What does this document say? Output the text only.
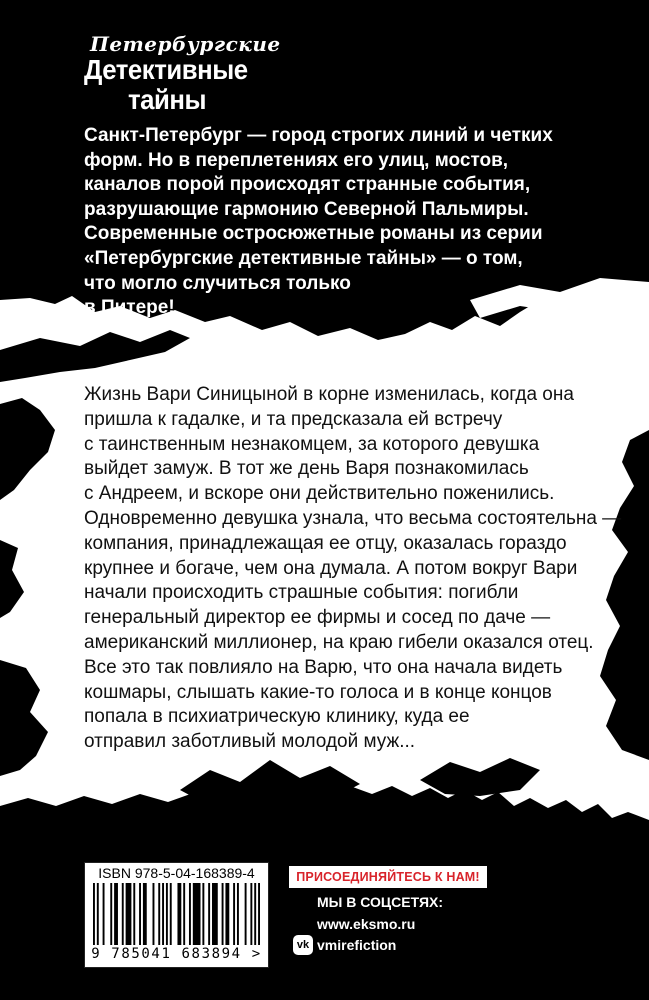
Петербургские
Детективные
тайны
Санкт-Петербург — город строгих линий и четких
форм. Но в переплетениях его улиц, мостов,
каналов порой происходят странные события,
разрушающие гармонию Северной Пальмиры.
Современные остросюжетные романы из серии
«Петербургские детективные тайны» — о том,
что могло случиться только
в Питере!
Жизнь Вари Синицыной в корне изменилась, когда она
пришла к гадалке, и та предсказала ей встречу
с таинственным незнакомцем, за которого девушка
выйдет замуж. В тот же день Варя познакомилась
с Андреем, и вскоре они действительно поженились.
Одновременно девушка узнала, что весьма состоятельна —
компания, принадлежащая ее отцу, оказалась гораздо
крупнее и богаче, чем она думала. А потом вокруг Вари
начали происходить страшные события: погибли
генеральный директор ее фирмы и сосед по даче —
американский миллионер, на краю гибели оказался отец.
Все это так повлияло на Варю, что она начала видеть
кошмары, слышать какие-то голоса и в конце концов
попала в психиатрическую клинику, куда ее
отправил заботливый молодой муж...
ISBN 978-5-04-168389-4
9 785041 683894 >
ПРИСОЕДИНЯЙТЕСЬ К НАМ!
МЫ В СОЦСЕТЯХ:
www.eksmo.ru
vk vmirefiction
